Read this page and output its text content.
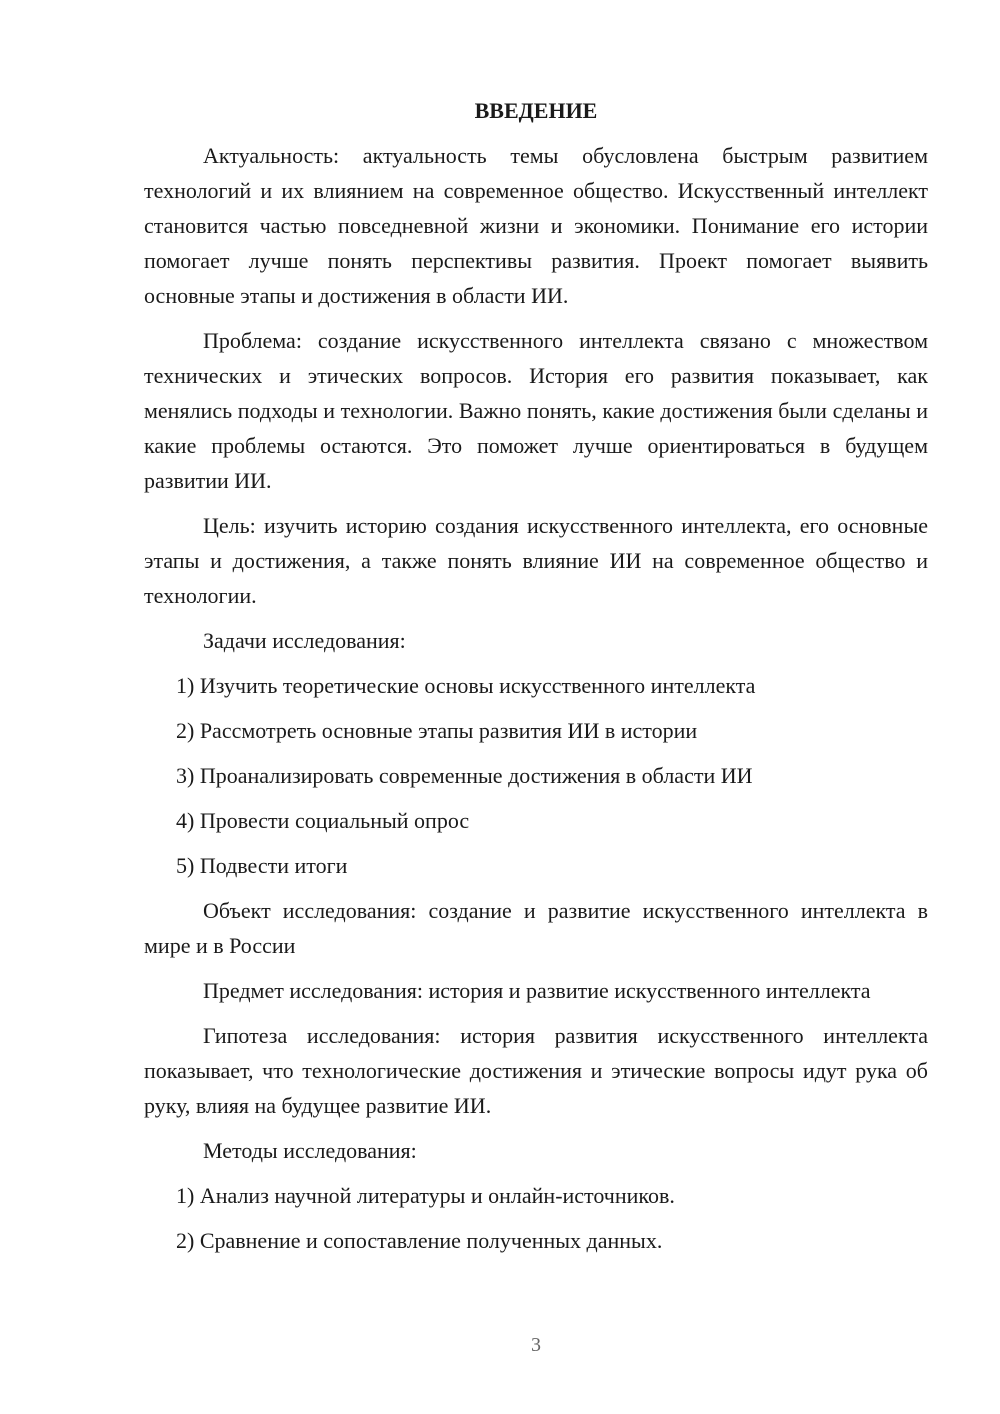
ВВЕДЕНИЕ

Актуальность: актуальность темы обусловлена быстрым развитием технологий и их влиянием на современное общество. Искусственный интеллект становится частью повседневной жизни и экономики. Понимание его истории помогает лучше понять перспективы развития. Проект помогает выявить основные этапы и достижения в области ИИ.

Проблема: создание искусственного интеллекта связано с множеством технических и этических вопросов. История его развития показывает, как менялись подходы и технологии. Важно понять, какие достижения были сделаны и какие проблемы остаются. Это поможет лучше ориентироваться в будущем развитии ИИ.

Цель: изучить историю создания искусственного интеллекта, его основные этапы и достижения, а также понять влияние ИИ на современное общество и технологии.

Задачи исследования:

1) Изучить теоретические основы искусственного интеллекта
2) Рассмотреть основные этапы развития ИИ в истории
3) Проанализировать современные достижения в области ИИ
4) Провести социальный опрос
5) Подвести итоги

Объект исследования: создание и развитие искусственного интеллекта в мире и в России

Предмет исследования: история и развитие искусственного интеллекта

Гипотеза исследования: история развития искусственного интеллекта показывает, что технологические достижения и этические вопросы идут рука об руку, влияя на будущее развитие ИИ.

Методы исследования:

1) Анализ научной литературы и онлайн-источников.
2) Сравнение и сопоставление полученных данных.
3
